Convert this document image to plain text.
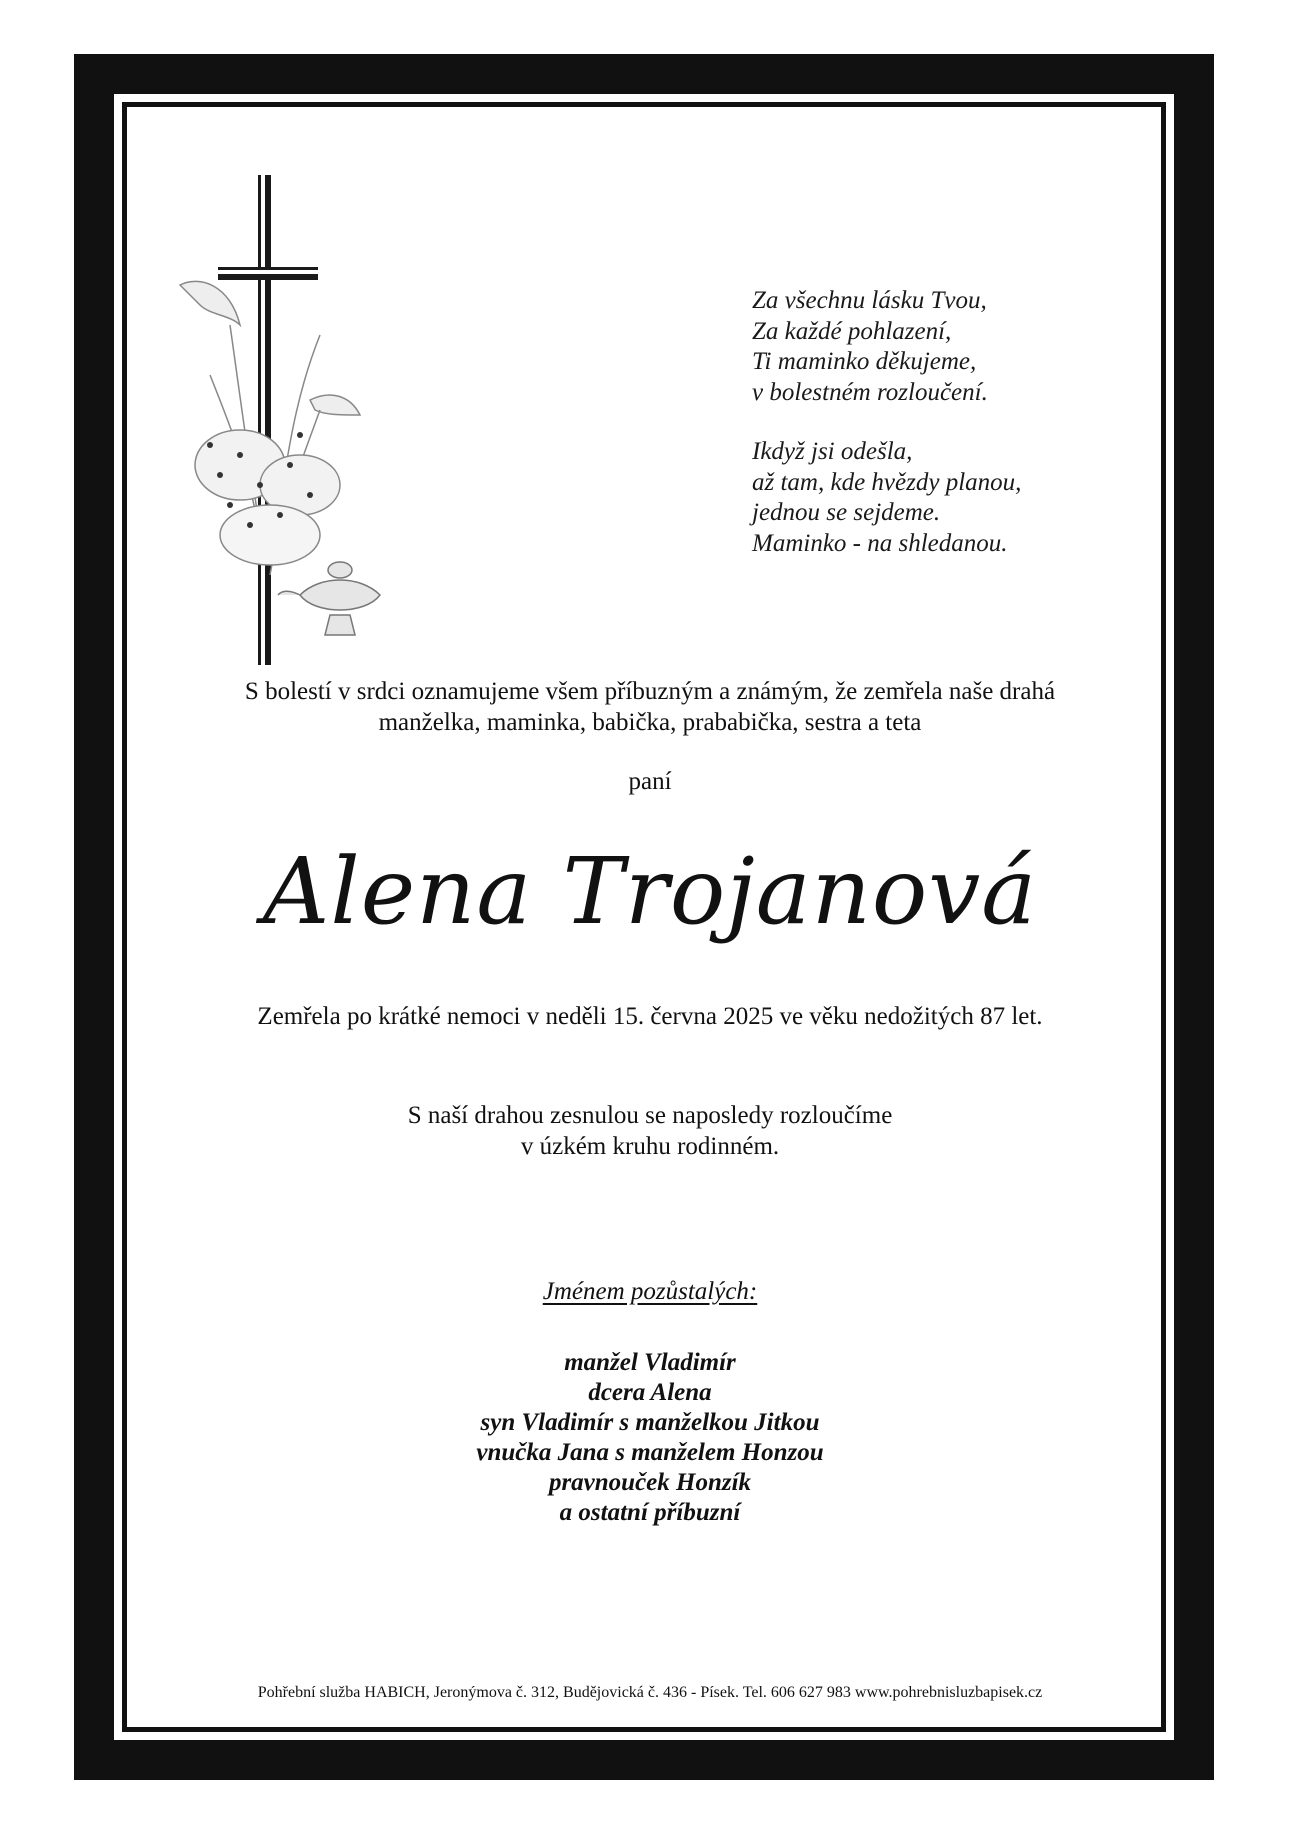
Za všechnu lásku Tvou,

Za každé pohlazení,

Ti maminko děkujeme,

v bolestném rozloučení.

Ikdyž jsi odešla,

až tam, kde hvězdy planou,

jednou se sejdeme.

Maminko - na shledanou.

S bolestí v srdci oznamujeme všem příbuzným a známým, že zemřela naše drahá
manželka, maminka, babička, prababička, sestra a teta
paní
Alena Trojanová
Zemřela po krátké nemoci v neděli 15. června 2025 ve věku nedožitých 87 let.
S naší drahou zesnulou se naposledy rozloučíme
v úzkém kruhu rodinném.
Jménem pozůstalých:
manžel Vladimír
dcera Alena
syn Vladimír s manželkou Jitkou
vnučka Jana s manželem Honzou
pravnouček Honzík
a ostatní příbuzní
Pohřební služba HABICH, Jeronýmova č. 312, Budějovická č. 436 - Písek. Tel. 606 627 983 www.pohrebnisluzbapisek.cz
